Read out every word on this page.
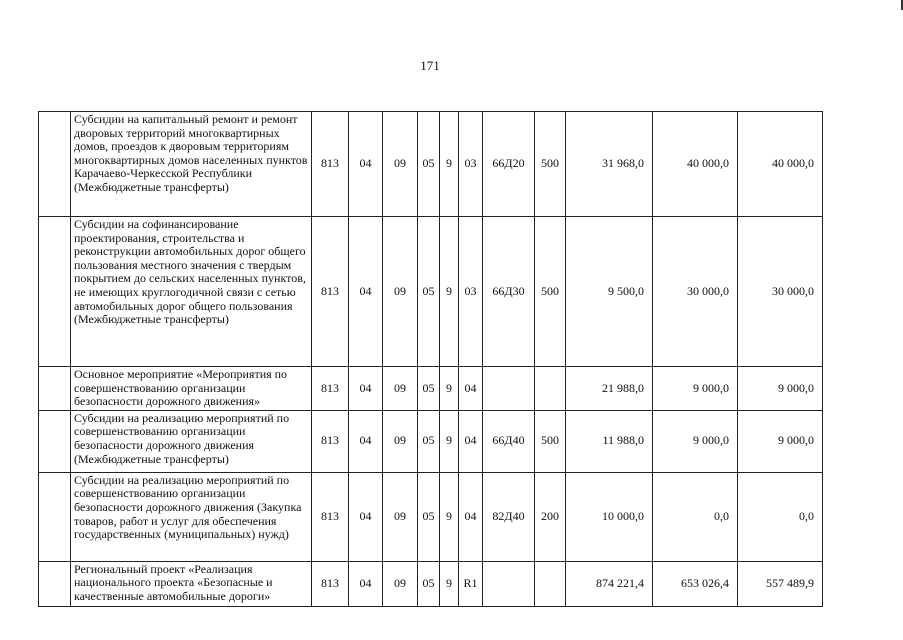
171
	Субсидии на капитальный ремонт и ремонт дворовых территорий многоквартирных домов, проездов к дворовым территориям многоквартирных домов населенных пунктов Карачаево-Черкесской Республики (Межбюджетные трансферты)	813	04	09	05	9	03	66Д20	500	31 968,0	40 000,0	40 000,0
	Субсидии на софинансирование проектирования, строительства и реконструкции автомобильных дорог общего пользования местного значения с твердым покрытием до сельских населенных пунктов, не имеющих круглогодичной связи с сетью автомобильных дорог общего пользования (Межбюджетные трансферты)	813	04	09	05	9	03	66Д30	500	9 500,0	30 000,0	30 000,0
	Основное мероприятие «Мероприятия по совершенствованию организации безопасности дорожного движения»	813	04	09	05	9	04			21 988,0	9 000,0	9 000,0
	Субсидии на реализацию мероприятий по совершенствованию организации безопасности дорожного движения (Межбюджетные трансферты)	813	04	09	05	9	04	66Д40	500	11 988,0	9 000,0	9 000,0
	Субсидии на реализацию мероприятий по совершенствованию организации безопасности дорожного движения (Закупка товаров, работ и услуг для обеспечения государственных (муниципальных) нужд)	813	04	09	05	9	04	82Д40	200	10 000,0	0,0	0,0
	Региональный проект «Реализация национального проекта «Безопасные и качественные автомобильные дороги»	813	04	09	05	9	R1			874 221,4	653 026,4	557 489,9
